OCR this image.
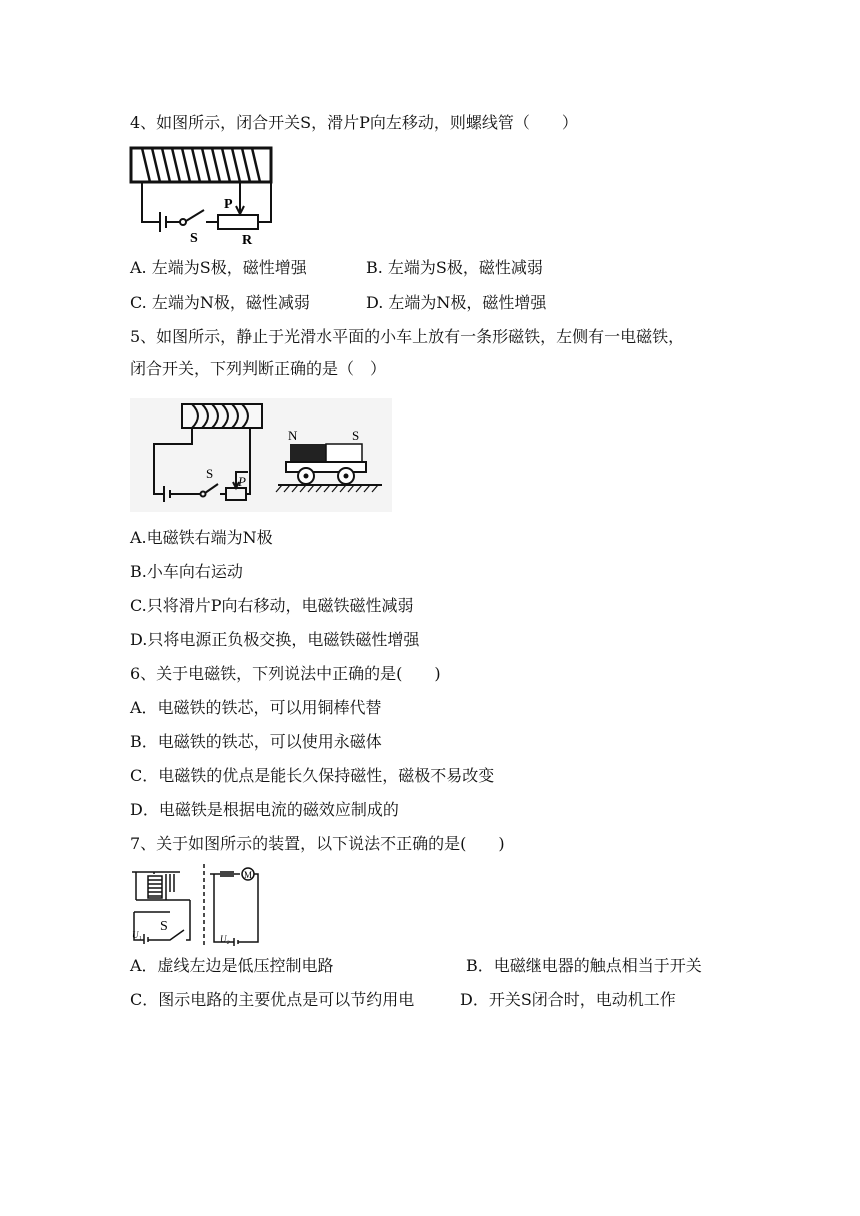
4、如图所示，闭合开关S，滑片P向左移动，则螺线管（　　）
P
S	R
A. 左端为S极，磁性增强	B. 左端为S极，磁性减弱
C. 左端为N极，磁性减弱	D. 左端为N极，磁性增强
5、如图所示，静止于光滑水平面的小车上放有一条形磁铁，左侧有一电磁铁，
闭合开关，下列判断正确的是（　）
S
P
N	S
A.电磁铁右端为N极
B.小车向右运动
C.只将滑片P向右移动，电磁铁磁性减弱
D.只将电源正负极交换，电磁铁磁性增强
6、关于电磁铁，下列说法中正确的是(　　)
A．电磁铁的铁芯，可以用铜棒代替
B．电磁铁的铁芯，可以使用永磁体
C．电磁铁的优点是能长久保持磁性，磁极不易改变
D．电磁铁是根据电流的磁效应制成的
7、关于如图所示的装置，以下说法不正确的是(　　)
M
S
U₁	U₂
A．虚线左边是低压控制电路	B．电磁继电器的触点相当于开关
C．图示电路的主要优点是可以节约用电	D．开关S闭合时，电动机工作
